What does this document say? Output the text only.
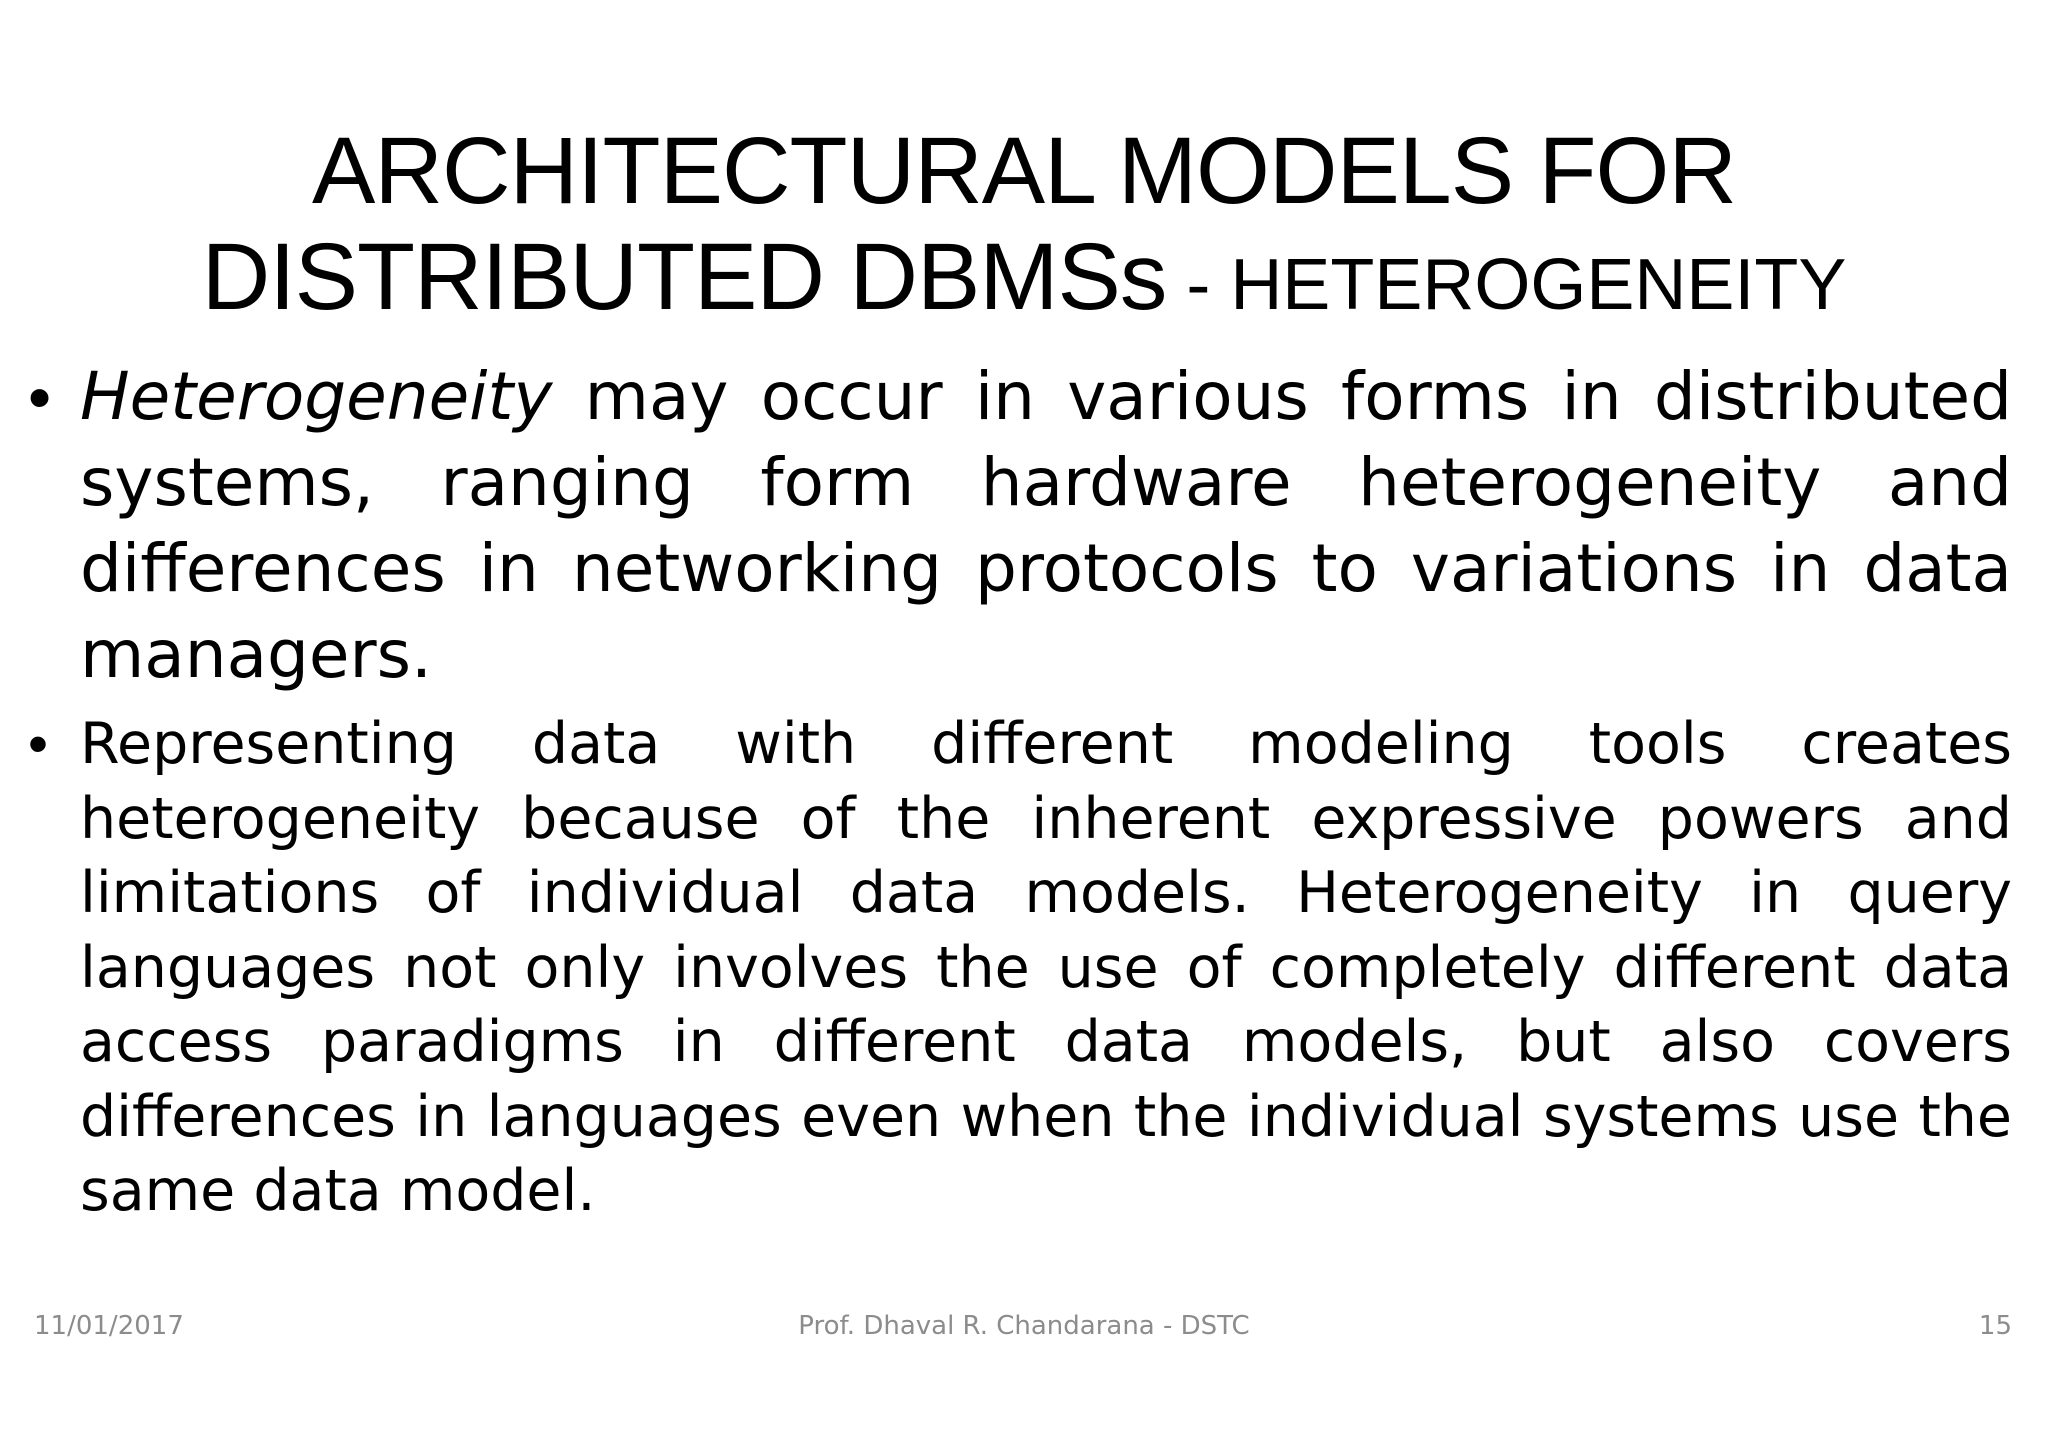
ARCHITECTURAL MODELS FOR
DISTRIBUTED DBMSs - HETEROGENEITY
• Heterogeneity may occur in various forms in distributed systems, ranging form hardware heterogeneity and differences in networking protocols to variations in data managers.

• Representing data with different modeling tools creates heterogeneity because of the inherent expressive powers and limitations of individual data models. Heterogeneity in query languages not only involves the use of completely different data access paradigms in different data models, but also covers differences in languages even when the individual systems use the same data model.

11/01/2017	Prof. Dhaval R. Chandarana - DSTC	15
